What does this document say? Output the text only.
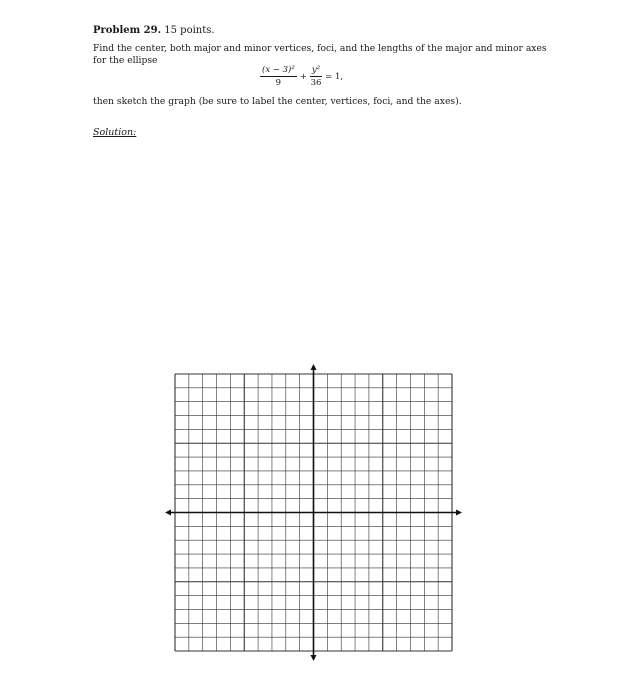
Problem 29. 15 points.
Find the center, both major and minor vertices, foci, and the lengths of the major and minor axes
for the ellipse
$\frac{\text{(x − 3)²}}{9} + \frac{\text{y²}}{36} = 1$,
then sketch the graph (be sure to label the center, vertices, foci, and the axes).
Solution:
